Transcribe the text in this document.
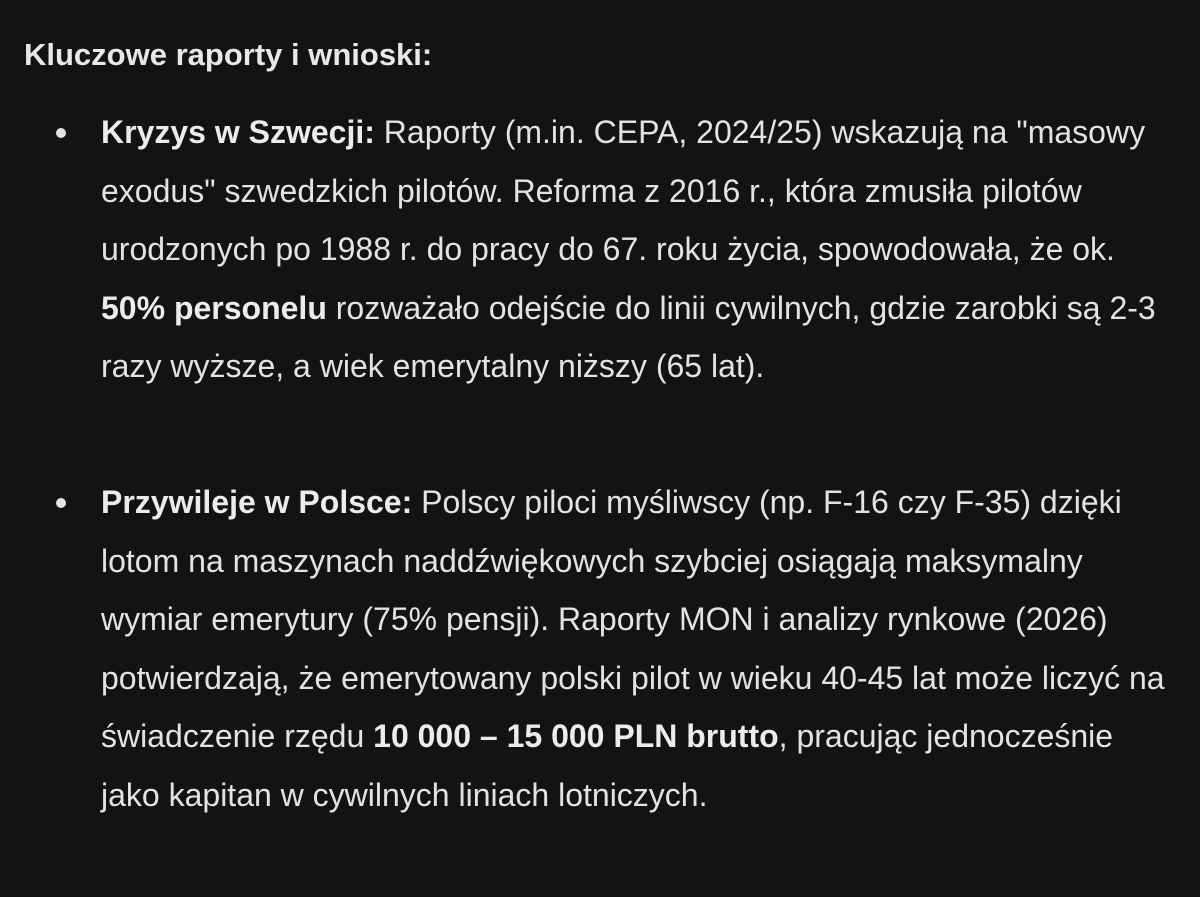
Kluczowe raporty i wnioski:
Kryzys w Szwecji: Raporty (m.in. CEPA, 2024/25) wskazują na "masowy exodus" szwedzkich pilotów. Reforma z 2016 r., która zmusiła pilotów urodzonych po 1988 r. do pracy do 67. roku życia, spowodowała, że ok. 50% personelu rozważało odejście do linii cywilnych, gdzie zarobki są 2-3 razy wyższe, a wiek emerytalny niższy (65 lat).
Przywileje w Polsce: Polscy piloci myśliwscy (np. F-16 czy F-35) dzięki lotom na maszynach naddźwiękowych szybciej osiągają maksymalny wymiar emerytury (75% pensji). Raporty MON i analizy rynkowe (2026) potwierdzają, że emerytowany polski pilot w wieku 40-45 lat może liczyć na świadczenie rzędu 10 000 – 15 000 PLN brutto, pracując jednocześnie jako kapitan w cywilnych liniach lotniczych.
